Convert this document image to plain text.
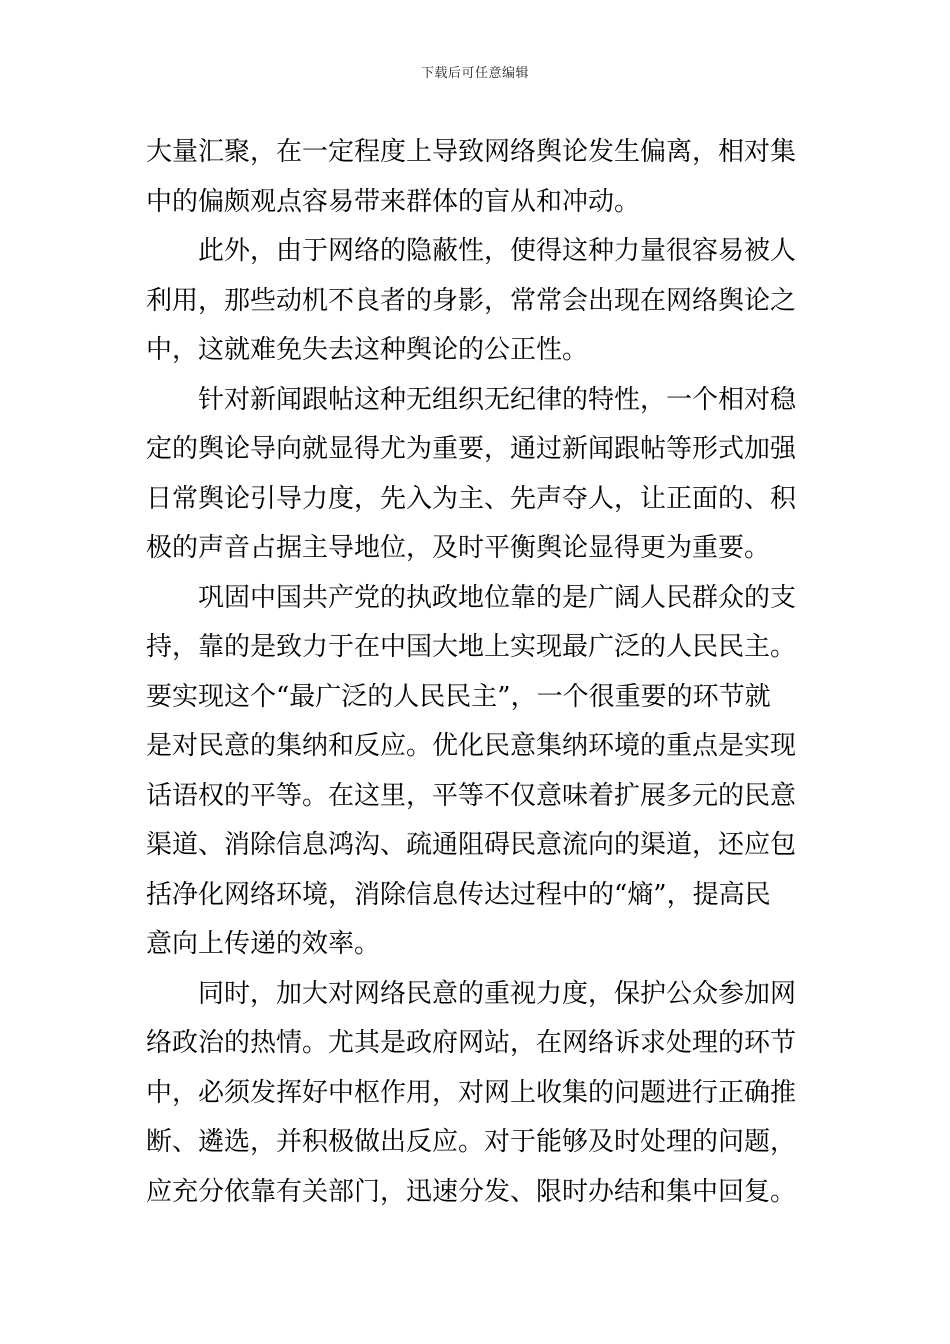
下载后可任意编辑
大量汇聚，在一定程度上导致网络舆论发生偏离，相对集
中的偏颇观点容易带来群体的盲从和冲动。
此外，由于网络的隐蔽性，使得这种力量很容易被人
利用，那些动机不良者的身影，常常会出现在网络舆论之
中，这就难免失去这种舆论的公正性。
针对新闻跟帖这种无组织无纪律的特性，一个相对稳
定的舆论导向就显得尤为重要，通过新闻跟帖等形式加强
日常舆论引导力度，先入为主、先声夺人，让正面的、积
极的声音占据主导地位，及时平衡舆论显得更为重要。
巩固中国共产党的执政地位靠的是广阔人民群众的支
持，靠的是致力于在中国大地上实现最广泛的人民民主。
要实现这个“最广泛的人民民主”，一个很重要的环节就
是对民意的集纳和反应。优化民意集纳环境的重点是实现
话语权的平等。在这里，平等不仅意味着扩展多元的民意
渠道、消除信息鸿沟、疏通阻碍民意流向的渠道，还应包
括净化网络环境，消除信息传达过程中的“熵”，提高民
意向上传递的效率。
同时，加大对网络民意的重视力度，保护公众参加网
络政治的热情。尤其是政府网站，在网络诉求处理的环节
中，必须发挥好中枢作用，对网上收集的问题进行正确推
断、遴选，并积极做出反应。对于能够及时处理的问题，
应充分依靠有关部门，迅速分发、限时办结和集中回复。
